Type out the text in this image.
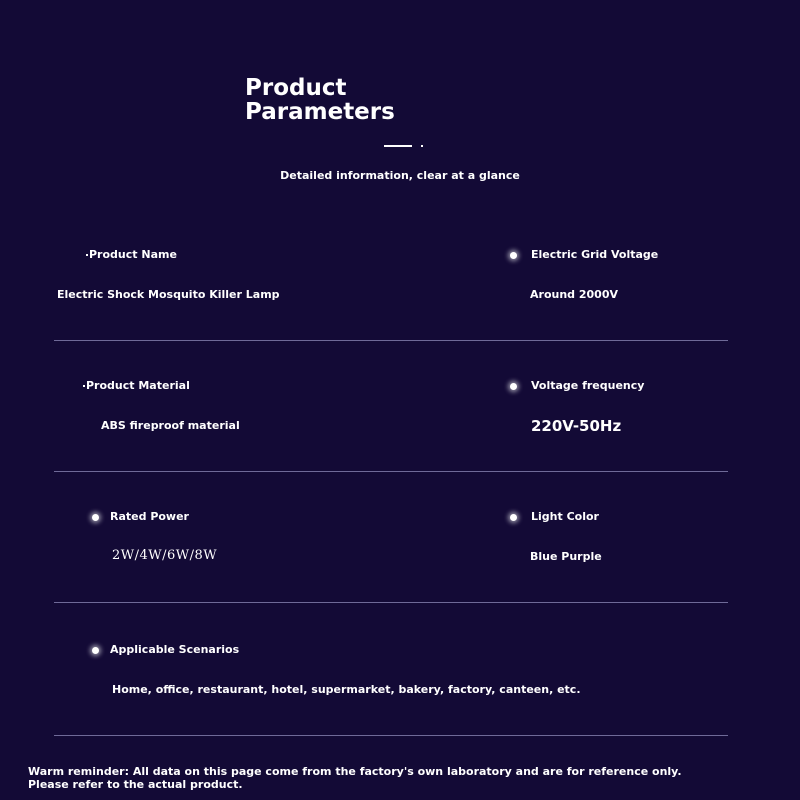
Product
Parameters
Detailed information, clear at a glance
Product Name
Electric Shock Mosquito Killer Lamp
Electric Grid Voltage
Around 2000V
Product Material
ABS fireproof material
Voltage frequency
220V-50Hz
Rated Power
2W/4W/6W/8W
Light Color
Blue Purple
Applicable Scenarios
Home, office, restaurant, hotel, supermarket, bakery, factory, canteen, etc.
Warm reminder: All data on this page come from the factory's own laboratory and are for reference only.
Please refer to the actual product.
